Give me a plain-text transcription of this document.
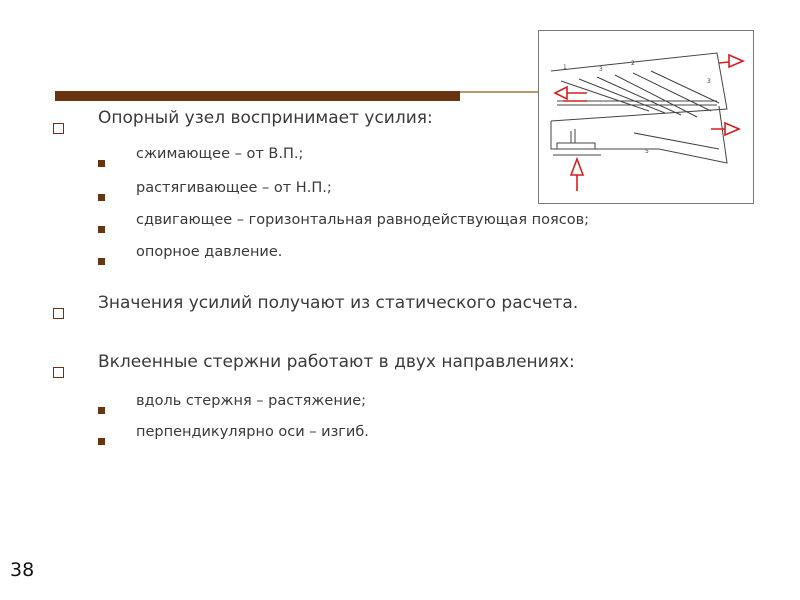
1	3
2
3
5
Опорный узел воспринимает усилия:
сжимающее – от В.П.;
растягивающее – от Н.П.;
сдвигающее – горизонтальная равнодействующая поясов;
опорное давление.
Значения усилий получают из статического расчета.
Вклеенные стержни работают в двух направлениях:
вдоль стержня – растяжение;
перпендикулярно оси – изгиб.
38
